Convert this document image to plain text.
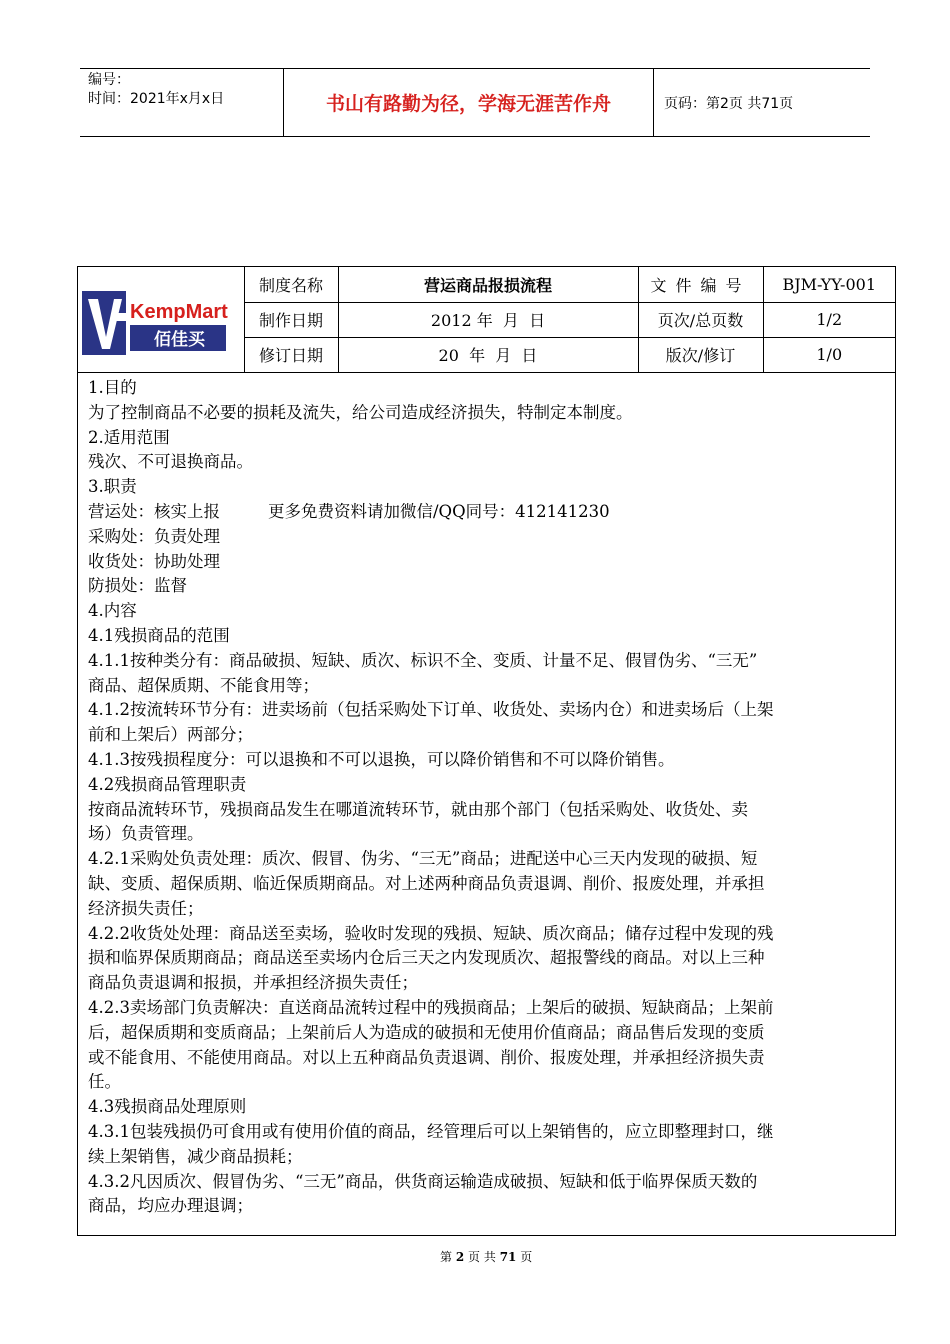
编号：
时间：2021年x月x日	书山有路勤为径，学海无涯苦作舟	页码：第2页 共71页
KempMart
佰佳买	制度名称	营运商品报损流程	文件编号	BJM-YY-001
	制作日期	2012 年  月  日	页次/总页数	1/2
	修订日期	20  年  月  日	版次/修订	1/0

1.目的

为了控制商品不必要的损耗及流失，给公司造成经济损失，特制定本制度。

2.适用范围

残次、不可退换商品。

3.职责

营运处：核实上报	更多免费资料请加微信/QQ同号：412141230

采购处：负责处理

收货处：协助处理

防损处：监督

4.内容

4.1残损商品的范围

4.1.1按种类分有：商品破损、短缺、质次、标识不全、变质、计量不足、假冒伪劣、“三无”

商品、超保质期、不能食用等；

4.1.2按流转环节分有：进卖场前（包括采购处下订单、收货处、卖场内仓）和进卖场后（上架

前和上架后）两部分；

4.1.3按残损程度分：可以退换和不可以退换，可以降价销售和不可以降价销售。

4.2残损商品管理职责

按商品流转环节，残损商品发生在哪道流转环节，就由那个部门（包括采购处、收货处、卖

场）负责管理。

4.2.1采购处负责处理：质次、假冒、伪劣、“三无”商品；进配送中心三天内发现的破损、短

缺、变质、超保质期、临近保质期商品。对上述两种商品负责退调、削价、报废处理，并承担

经济损失责任；

4.2.2收货处处理：商品送至卖场，验收时发现的残损、短缺、质次商品；储存过程中发现的残

损和临界保质期商品；商品送至卖场内仓后三天之内发现质次、超报警线的商品。对以上三种

商品负责退调和报损，并承担经济损失责任；

4.2.3卖场部门负责解决：直送商品流转过程中的残损商品；上架后的破损、短缺商品；上架前

后，超保质期和变质商品；上架前后人为造成的破损和无使用价值商品；商品售后发现的变质

或不能食用、不能使用商品。对以上五种商品负责退调、削价、报废处理，并承担经济损失责

任。

4.3残损商品处理原则

4.3.1包装残损仍可食用或有使用价值的商品，经管理后可以上架销售的，应立即整理封口，继

续上架销售，减少商品损耗；

4.3.2凡因质次、假冒伪劣、“三无”商品，供货商运输造成破损、短缺和低于临界保质天数的

商品，均应办理退调；

第 2 页 共 71 页
